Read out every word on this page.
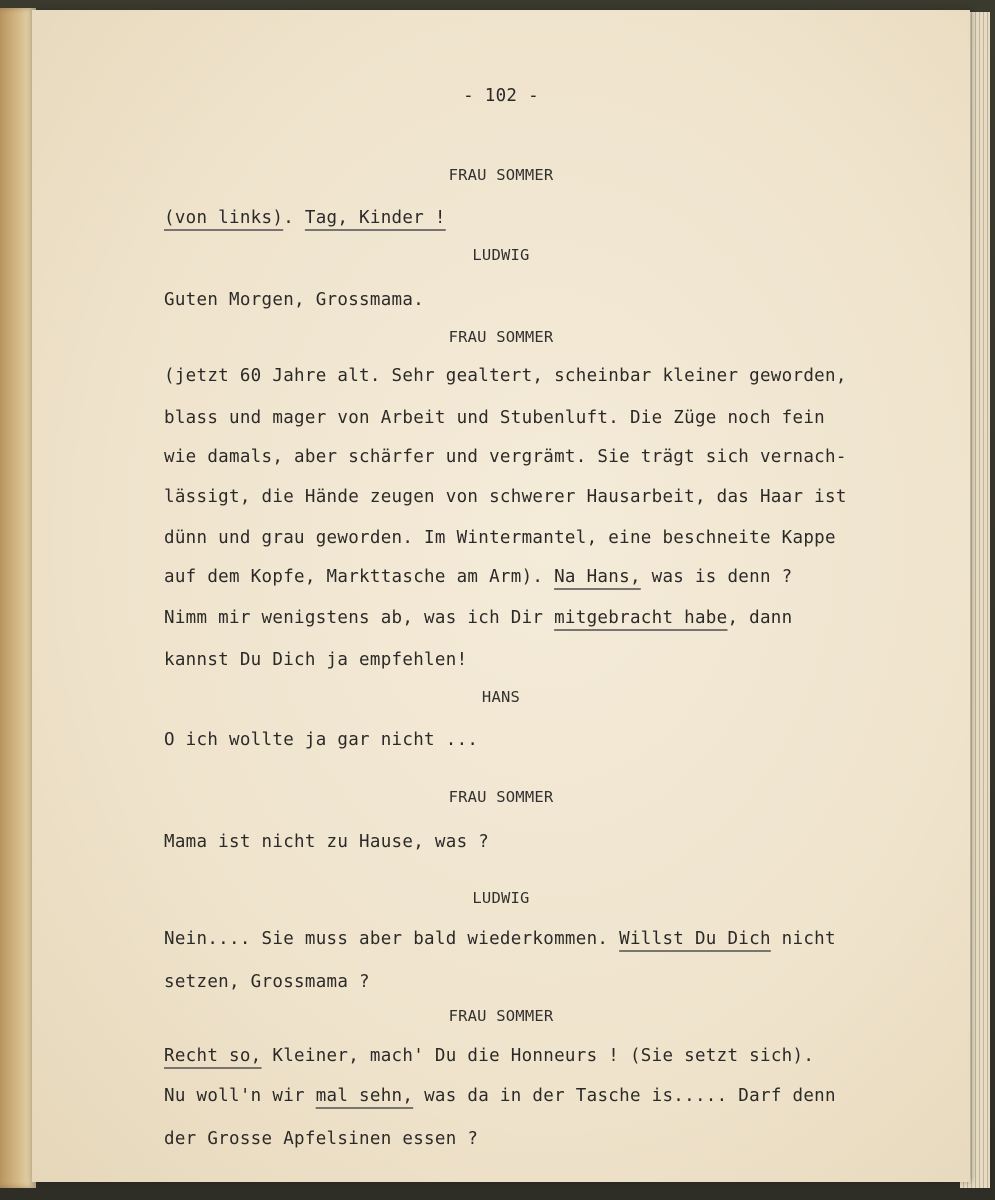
- 102 -
FRAU SOMMER
(von links). Tag, Kinder !
LUDWIG
Guten Morgen, Grossmama.
FRAU SOMMER
(jetzt 60 Jahre alt. Sehr gealtert, scheinbar kleiner geworden,
blass und mager von Arbeit und Stubenluft. Die Züge noch fein
wie damals, aber schärfer und vergrämt. Sie trägt sich vernach-
lässigt, die Hände zeugen von schwerer Hausarbeit, das Haar ist
dünn und grau geworden. Im Wintermantel, eine beschneite Kappe
auf dem Kopfe, Markttasche am Arm). Na Hans, was is denn ?
Nimm mir wenigstens ab, was ich Dir mitgebracht habe, dann
kannst Du Dich ja empfehlen!
HANS
O ich wollte ja gar nicht ...
FRAU SOMMER
Mama ist nicht zu Hause, was ?
LUDWIG
Nein.... Sie muss aber bald wiederkommen. Willst Du Dich nicht
setzen, Grossmama ?
FRAU SOMMER
Recht so, Kleiner, mach' Du die Honneurs ! (Sie setzt sich).
Nu woll'n wir mal sehn, was da in der Tasche is..... Darf denn
der Grosse Apfelsinen essen ?
